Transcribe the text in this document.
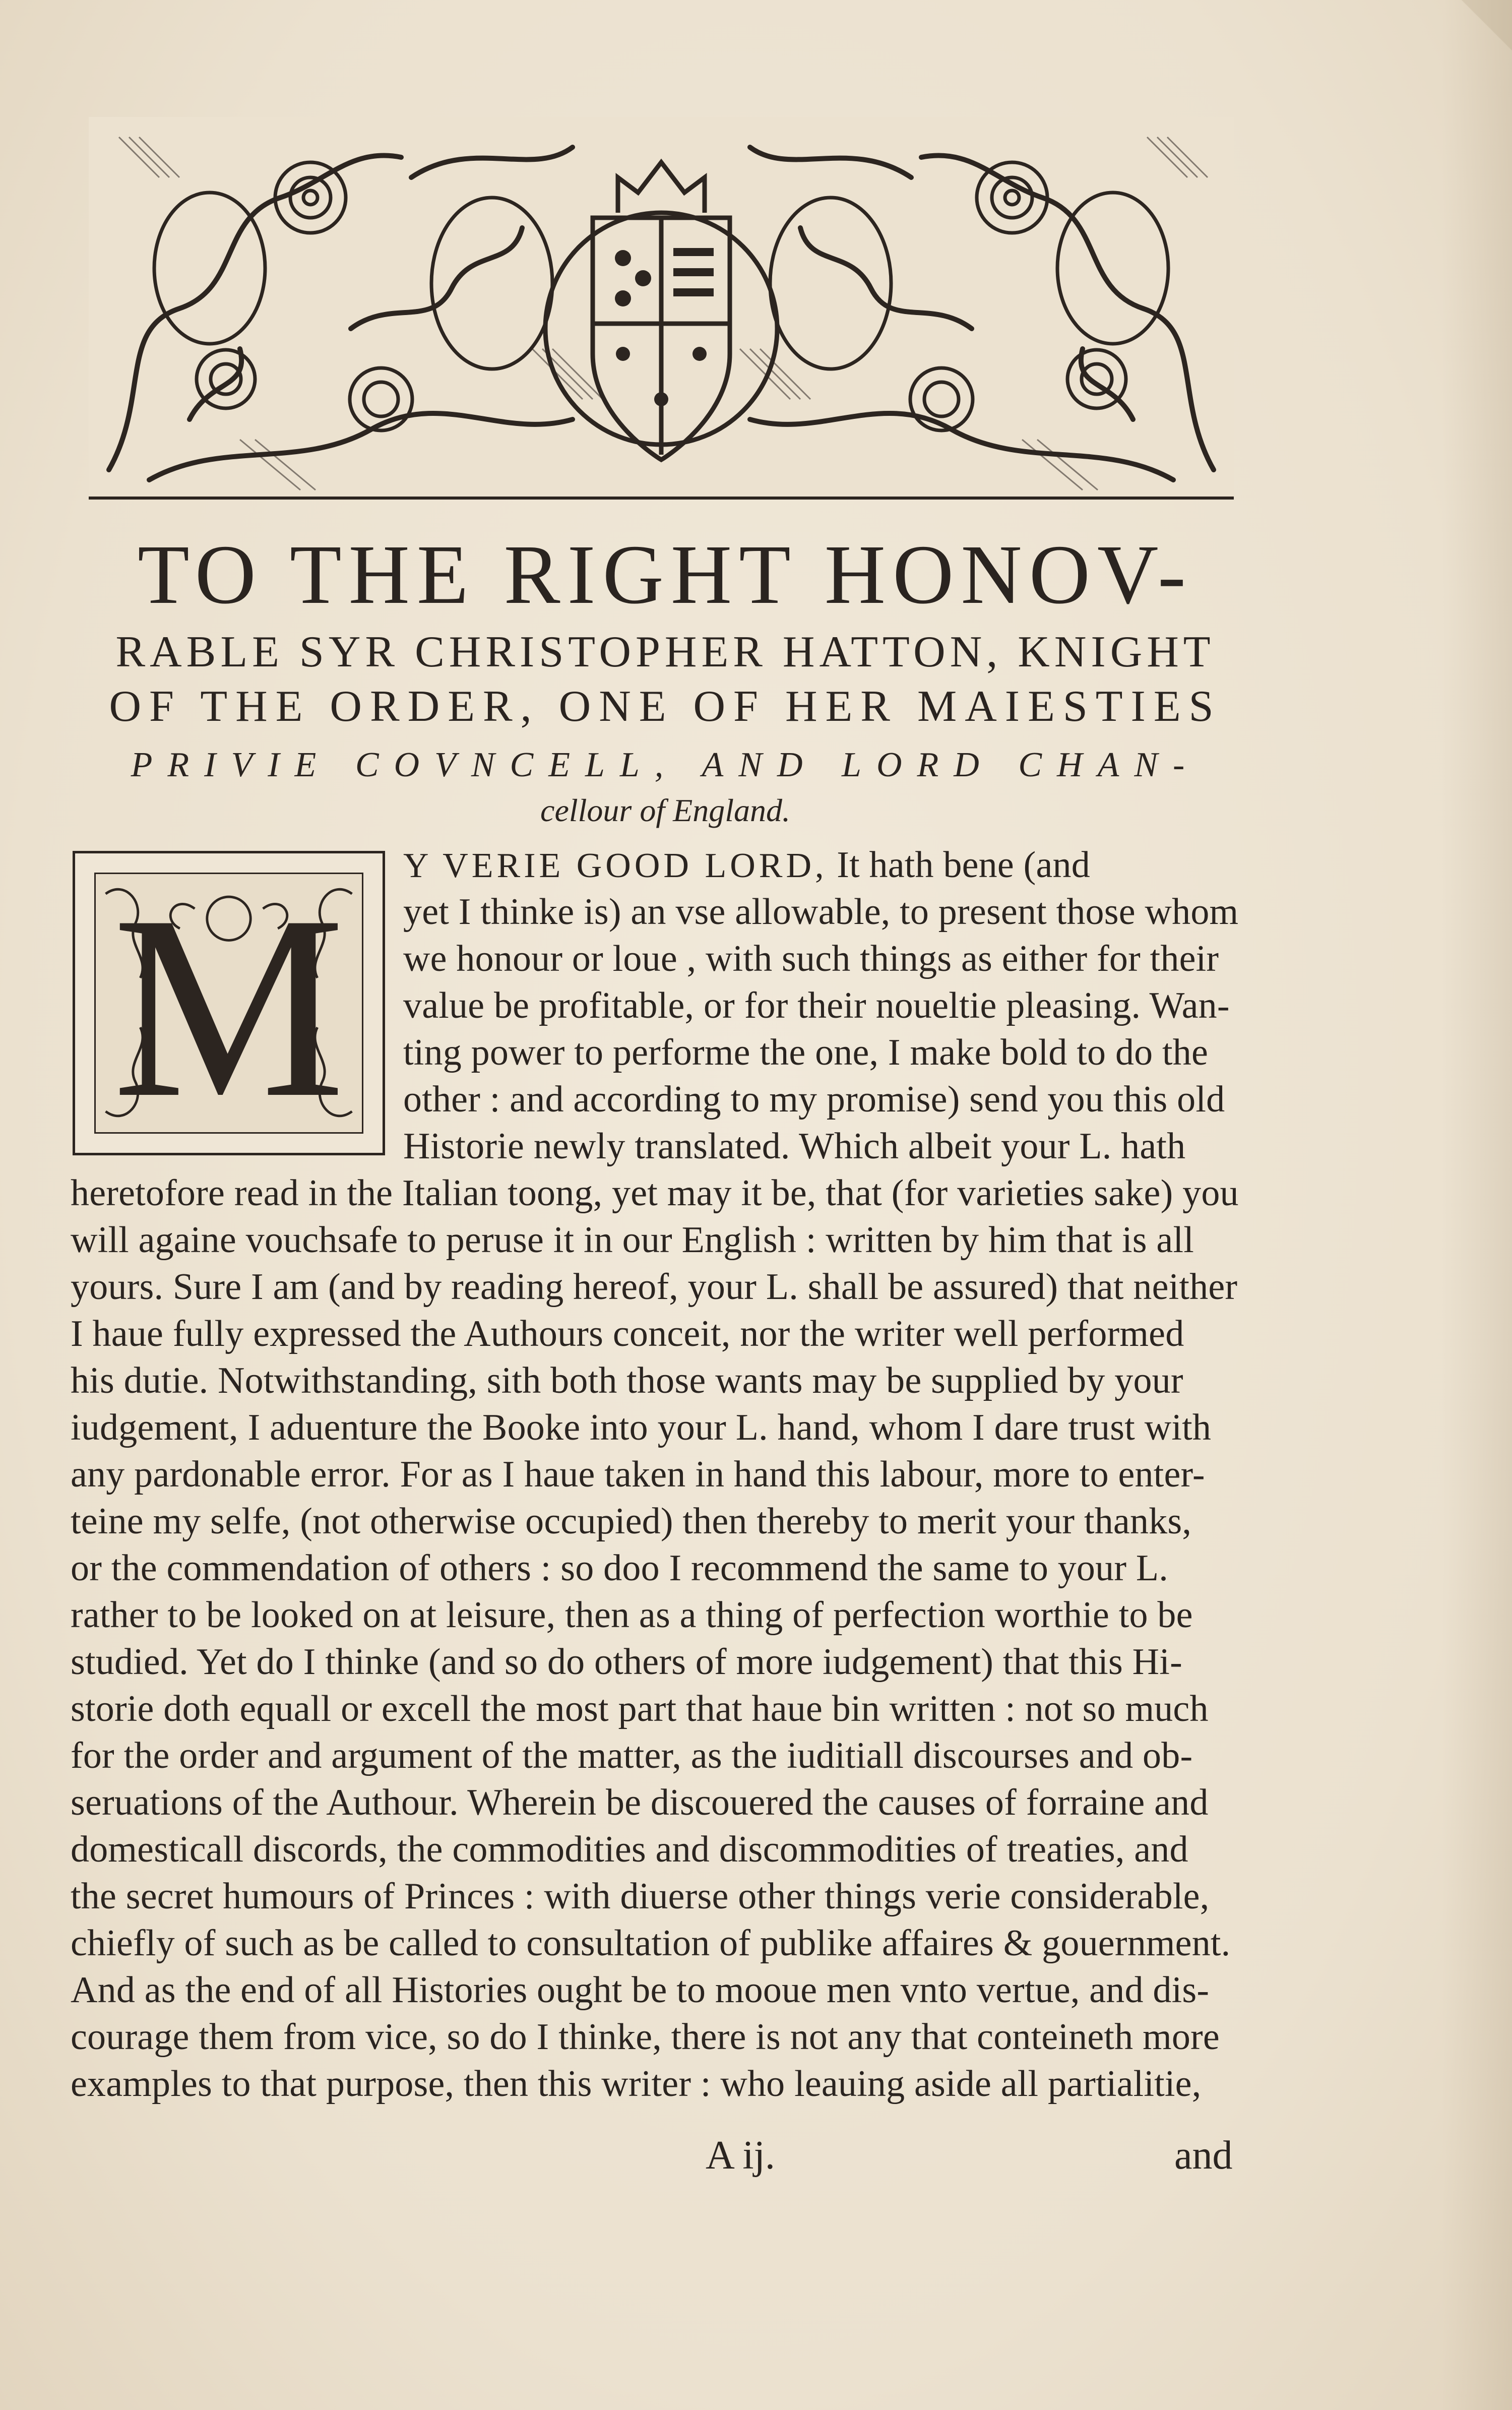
TO THE RIGHT HONOV-

RABLE SYR CHRISTOPHER HATTON, KNIGHT

OF THE ORDER, ONE OF HER MAIESTIES

PRIVIE COVNCELL, AND LORD CHAN-

cellour of England.

M	Y VERIE GOOD LORD, It hath bene (and
yet I thinke is) an vse allowable, to present those whom
we honour or loue , with such things as either for their
value be profitable, or for their noueltie pleasing. Wan-
ting power to performe the one, I make bold to do the
other : and according to my promise) send you this old
Historie newly translated. Which albeit your L. hath
heretofore read in the Italian toong, yet may it be, that (for varieties sake) you
will againe vouchsafe to peruse it in our English : written by him that is all
yours. Sure I am (and by reading hereof, your L. shall be assured) that neither
I haue fully expressed the Authours conceit, nor the writer well performed
his dutie. Notwithstanding, sith both those wants may be supplied by your
iudgement, I aduenture the Booke into your L. hand, whom I dare trust with
any pardonable error. For as I haue taken in hand this labour, more to enter-
teine my selfe, (not otherwise occupied) then thereby to merit your thanks,
or the commendation of others : so doo I recommend the same to your L.
rather to be looked on at leisure, then as a thing of perfection worthie to be
studied. Yet do I thinke (and so do others of more iudgement) that this Hi-
storie doth equall or excell the most part that haue bin written : not so much
for the order and argument of the matter, as the iuditiall discourses and ob-
seruations of the Authour. Wherein be discouered the causes of forraine and
domesticall discords, the commodities and discommodities of treaties, and
the secret humours of Princes : with diuerse other things verie considerable,
chiefly of such as be called to consultation of publike affaires & gouernment.
And as the end of all Histories ought be to mooue men vnto vertue, and dis-
courage them from vice, so do I thinke, there is not any that conteineth more
examples to that purpose, then this writer : who leauing aside all partialitie,
A ij.	and
